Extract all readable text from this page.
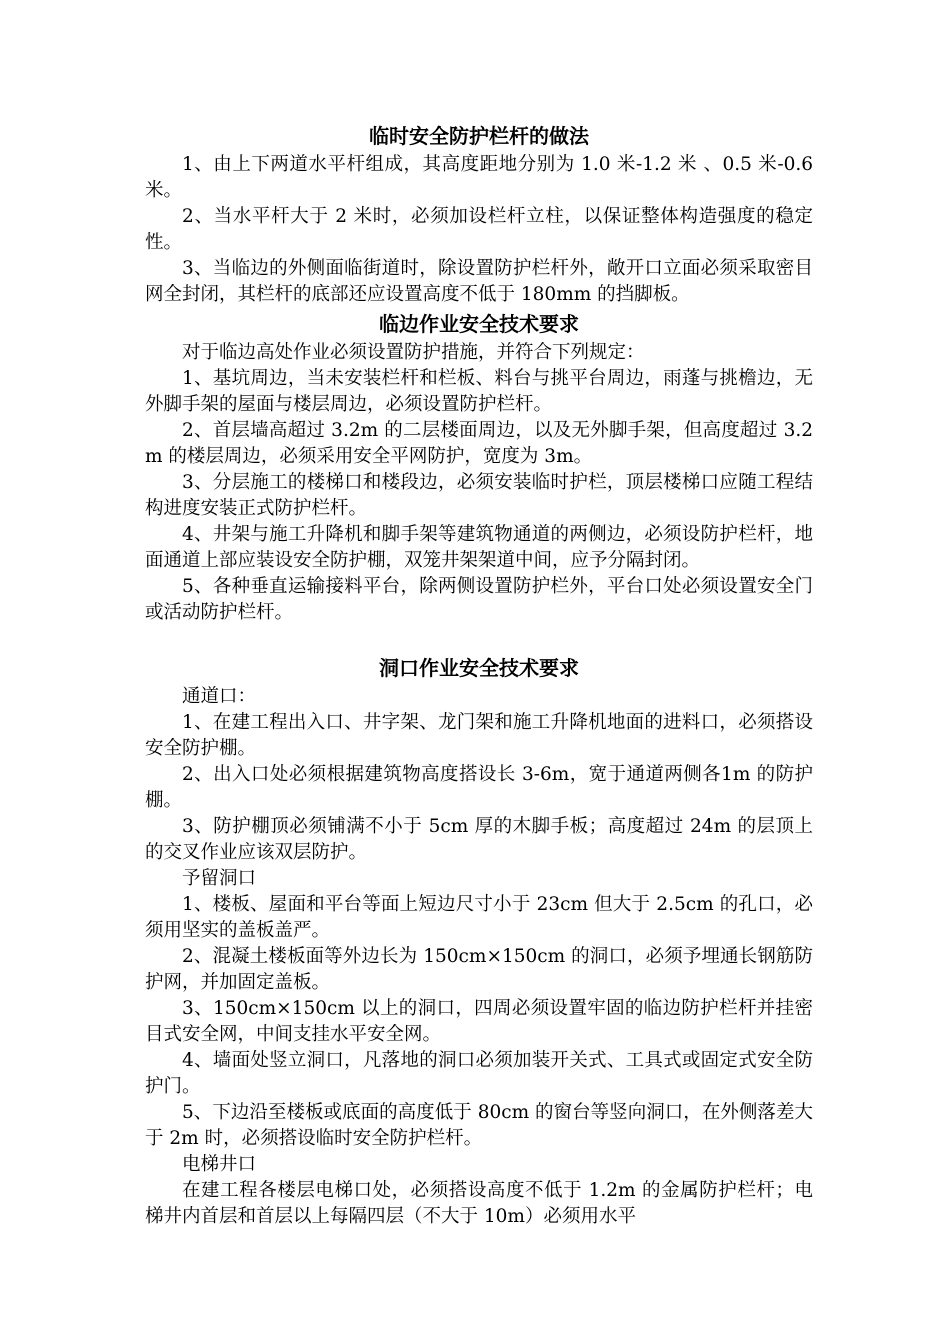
临时安全防护栏杆的做法

1、由上下两道水平杆组成，其高度距地分别为 1.0 米-1.2 米 、0.5 米-0.6 米。

2、当水平杆大于 2 米时，必须加设栏杆立柱，以保证整体构造强度的稳定性。

3、当临边的外侧面临街道时，除设置防护栏杆外，敞开口立面必须采取密目网全封闭，其栏杆的底部还应设置高度不低于 180mm 的挡脚板。

临边作业安全技术要求

对于临边高处作业必须设置防护措施，并符合下列规定：

1、基坑周边，当未安装栏杆和栏板、料台与挑平台周边，雨蓬与挑檐边，无外脚手架的屋面与楼层周边，必须设置防护栏杆。

2、首层墙高超过 3.2m 的二层楼面周边，以及无外脚手架，但高度超过 3.2m 的楼层周边，必须采用安全平网防护，宽度为 3m。

3、分层施工的楼梯口和楼段边，必须安装临时护栏，顶层楼梯口应随工程结构进度安装正式防护栏杆。

4、井架与施工升降机和脚手架等建筑物通道的两侧边，必须设防护栏杆，地面通道上部应装设安全防护棚，双笼井架架道中间，应予分隔封闭。

5、各种垂直运输接料平台，除两侧设置防护栏外，平台口处必须设置安全门或活动防护栏杆。

洞口作业安全技术要求

通道口：

1、在建工程出入口、井字架、龙门架和施工升降机地面的进料口，必须搭设安全防护棚。

2、出入口处必须根据建筑物高度搭设长 3-6m，宽于通道两侧各1m 的防护棚。

3、防护棚顶必须铺满不小于 5cm 厚的木脚手板；高度超过 24m 的层顶上的交叉作业应该双层防护。

予留洞口

1、楼板、屋面和平台等面上短边尺寸小于 23cm 但大于 2.5cm 的孔口，必须用坚实的盖板盖严。

2、混凝土楼板面等外边长为 150cm×150cm 的洞口，必须予埋通长钢筋防护网，并加固定盖板。

3、150cm×150cm 以上的洞口，四周必须设置牢固的临边防护栏杆并挂密目式安全网，中间支挂水平安全网。

4、墙面处竖立洞口，凡落地的洞口必须加装开关式、工具式或固定式安全防护门。

5、下边沿至楼板或底面的高度低于 80cm 的窗台等竖向洞口，在外侧落差大于 2m 时，必须搭设临时安全防护栏杆。

电梯井口

在建工程各楼层电梯口处，必须搭设高度不低于 1.2m 的金属防护栏杆；电梯井内首层和首层以上每隔四层（不大于 10m）必须用水平
